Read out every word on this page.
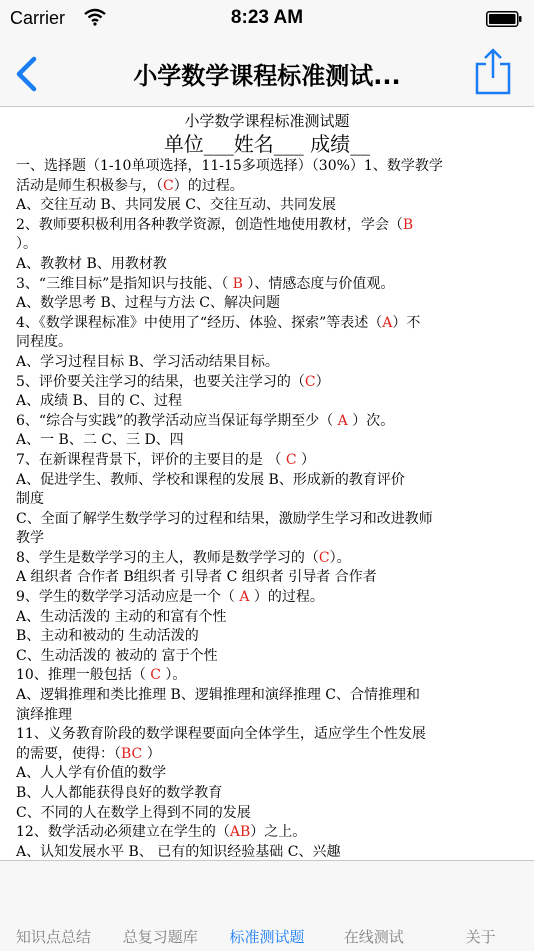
Carrier	8:23 AM
小学数学课程标准测试...
小学数学课程标准测试题
单位___姓名___ 成绩__
一、选择题（1-10单项选择，11-15多项选择）（30%）1、数学教学
活动是师生积极参与，（C）的过程。
A、交往互动 B、共同发展 C、交往互动、共同发展
2、教师要积极利用各种教学资源，创造性地使用教材，学会（B
）。
A、教教材 B、用教材教
3、“三维目标”是指知识与技能、（ B ）、情感态度与价值观。
A、数学思考 B、过程与方法 C、解决问题
4、《数学课程标准》中使用了“经历、体验、探索”等表述（A）不
同程度。
A、学习过程目标 B、学习活动结果目标。
5、评价要关注学习的结果，也要关注学习的（C）
A、成绩 B、目的 C、过程
6、“综合与实践”的教学活动应当保证每学期至少（ A ）次。
A、一 B、二 C、三 D、四
7、在新课程背景下，评价的主要目的是 （ C ）
A、促进学生、教师、学校和课程的发展 B、形成新的教育评价
制度
C、全面了解学生数学学习的过程和结果，激励学生学习和改进教师
教学
8、学生是数学学习的主人，教师是数学学习的（C）。
A 组织者 合作者 B组织者 引导者 C 组织者 引导者 合作者
9、学生的数学学习活动应是一个（ A ）的过程。
A、生动活泼的 主动的和富有个性
B、主动和被动的 生动活泼的
C、生动活泼的 被动的 富于个性
10、推理一般包括（ C ）。
A、逻辑推理和类比推理 B、逻辑推理和演绎推理 C、合情推理和
演绎推理
11、义务教育阶段的数学课程要面向全体学生，适应学生个性发展
的需要，使得：（BC ）
A、人人学有价值的数学
B、人人都能获得良好的数学教育
C、不同的人在数学上得到不同的发展
12、数学活动必须建立在学生的（AB）之上。
A、认知发展水平 B、 已有的知识经验基础 C、兴趣
知识点总结	总复习题库	标准测试题	在线测试	关于
